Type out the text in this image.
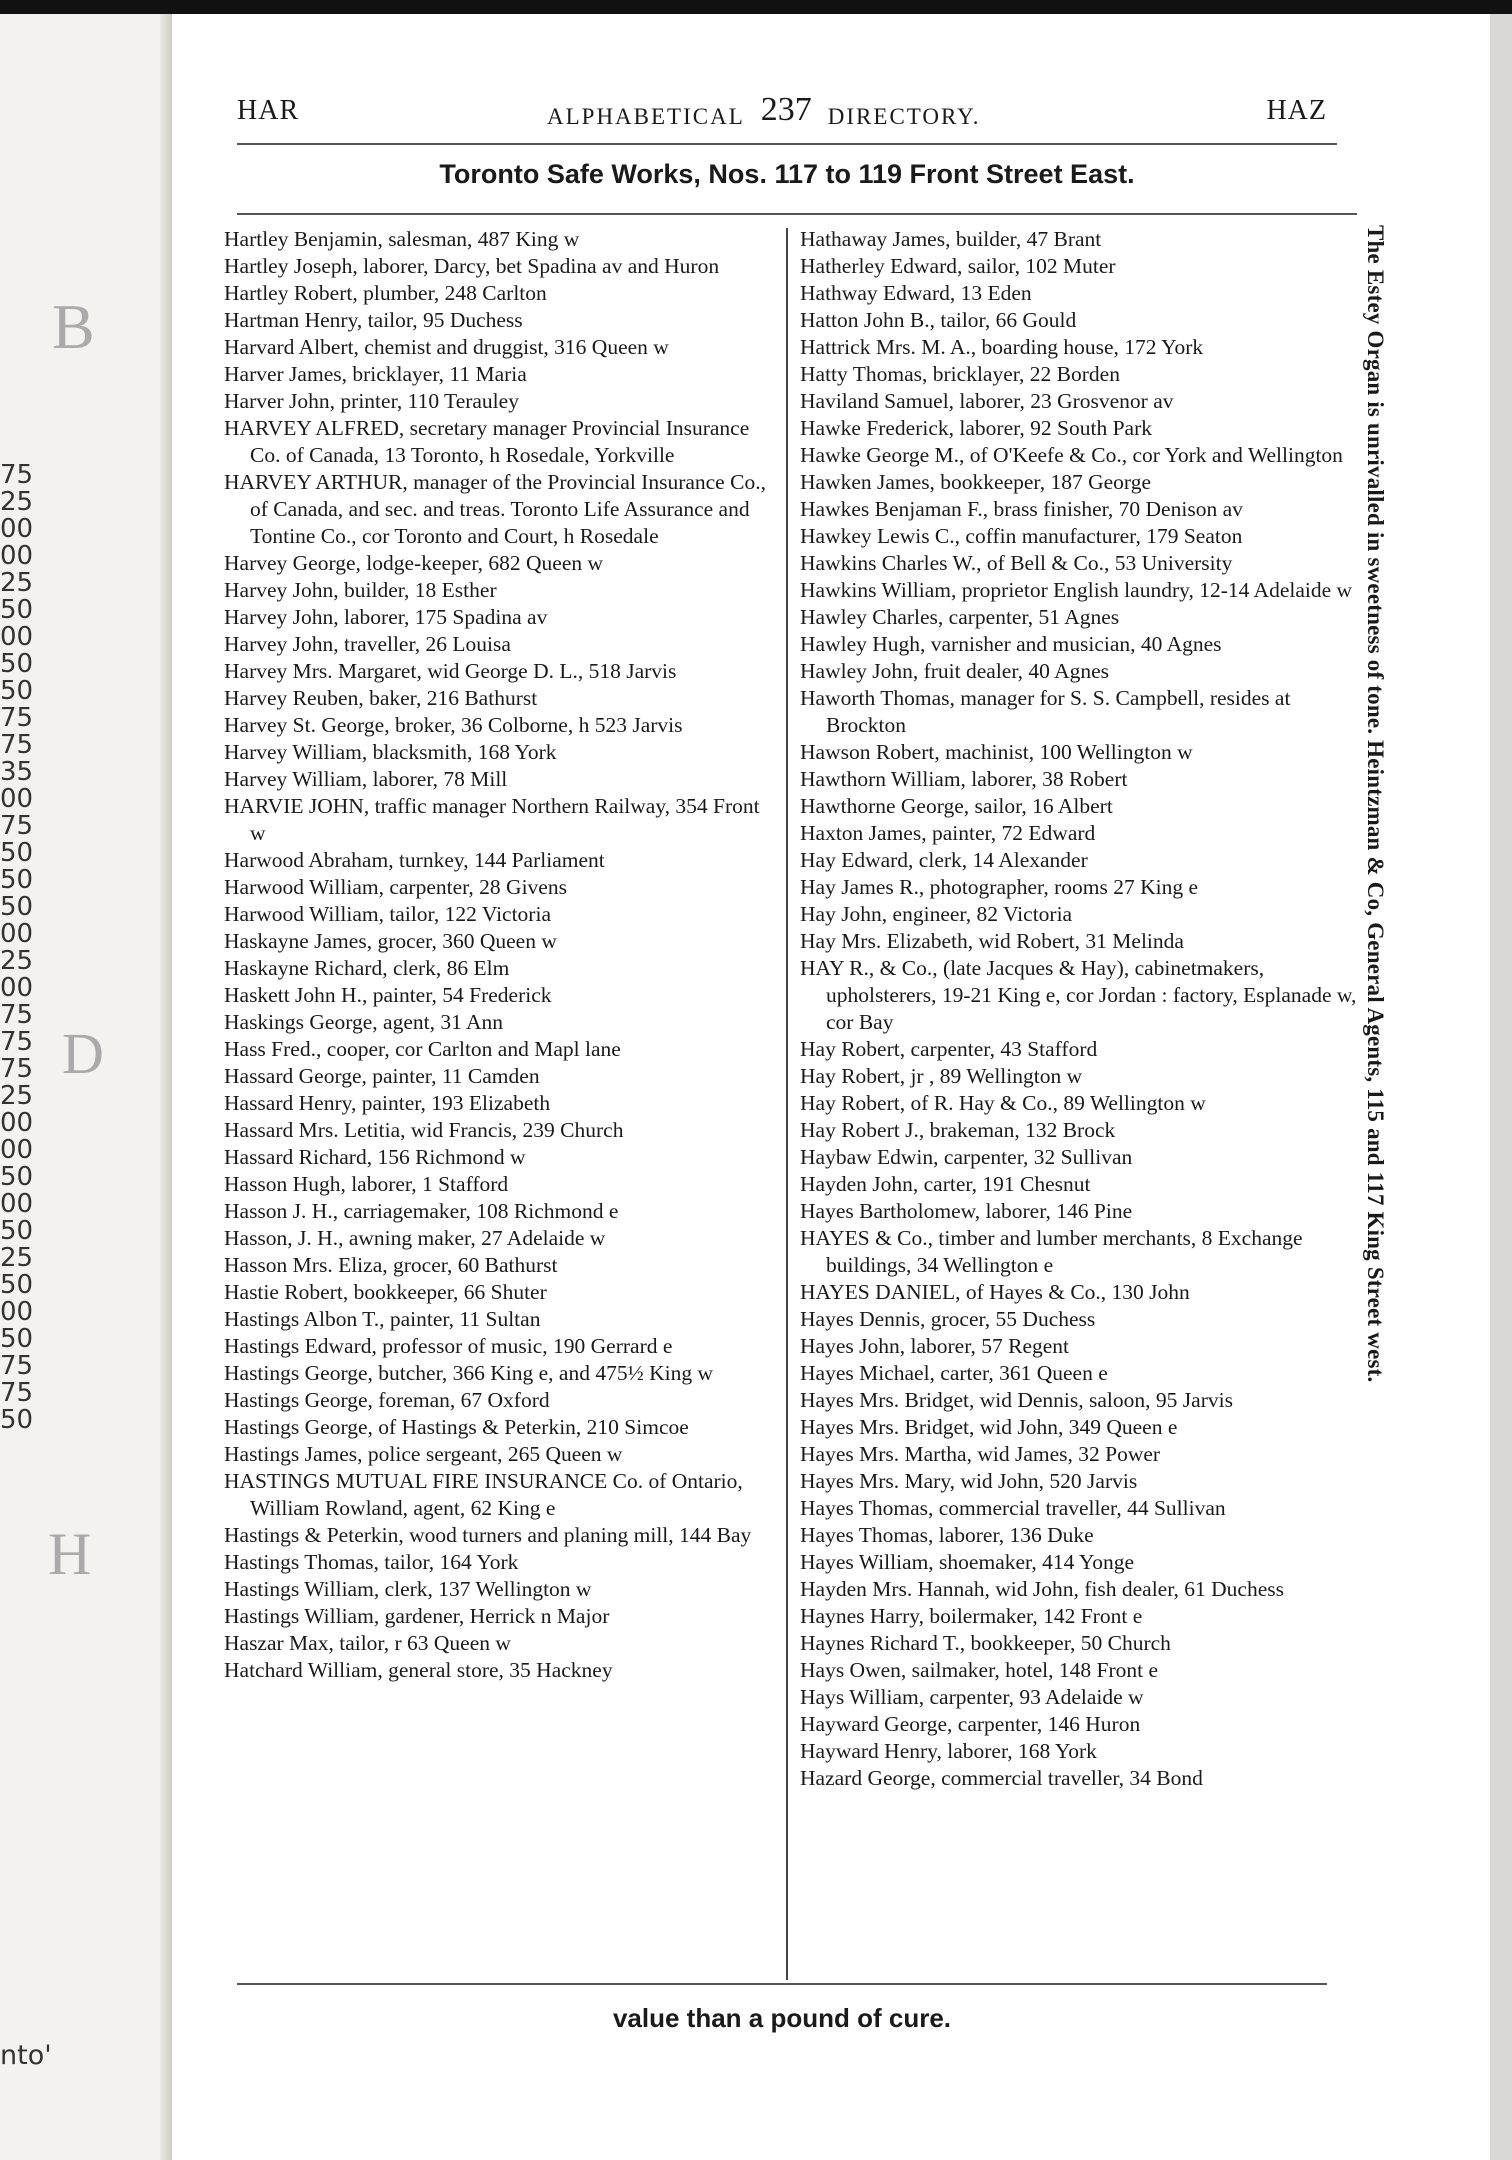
75
25
00
00
25
50
00
50
50
75
75
35
00
75
50
50
50
00
25
00
75
75
75
25
00
00
50
00
50
25
50
00
50
75
75
50
B
D
H
nto'
HAR	ALPHABETICAL 237 DIRECTORY.	HAZ
Toronto Safe Works, Nos. 117 to 119 Front Street East.

Hartley Benjamin, salesman, 487 King w

Hartley Joseph, laborer, Darcy, bet Spadina av and Huron

Hartley Robert, plumber, 248 Carlton

Hartman Henry, tailor, 95 Duchess

Harvard Albert, chemist and druggist, 316 Queen w

Harver James, bricklayer, 11 Maria

Harver John, printer, 110 Terauley

HARVEY ALFRED, secretary manager Provincial Insurance Co. of Canada, 13 Toronto, h Rosedale, Yorkville

HARVEY ARTHUR, manager of the Provincial Insurance Co., of Canada, and sec. and treas. Toronto Life Assurance and Tontine Co., cor Toronto and Court, h Rosedale

Harvey George, lodge-keeper, 682 Queen w

Harvey John, builder, 18 Esther

Harvey John, laborer, 175 Spadina av

Harvey John, traveller, 26 Louisa

Harvey Mrs. Margaret, wid George D. L., 518 Jarvis

Harvey Reuben, baker, 216 Bathurst

Harvey St. George, broker, 36 Colborne, h 523 Jarvis

Harvey William, blacksmith, 168 York

Harvey William, laborer, 78 Mill

HARVIE JOHN, traffic manager Northern Railway, 354 Front w

Harwood Abraham, turnkey, 144 Parliament

Harwood William, carpenter, 28 Givens

Harwood William, tailor, 122 Victoria

Haskayne James, grocer, 360 Queen w

Haskayne Richard, clerk, 86 Elm

Haskett John H., painter, 54 Frederick

Haskings George, agent, 31 Ann

Hass Fred., cooper, cor Carlton and Mapl lane

Hassard George, painter, 11 Camden

Hassard Henry, painter, 193 Elizabeth

Hassard Mrs. Letitia, wid Francis, 239 Church

Hassard Richard, 156 Richmond w

Hasson Hugh, laborer, 1 Stafford

Hasson J. H., carriagemaker, 108 Richmond e

Hasson, J. H., awning maker, 27 Adelaide w

Hasson Mrs. Eliza, grocer, 60 Bathurst

Hastie Robert, bookkeeper, 66 Shuter

Hastings Albon T., painter, 11 Sultan

Hastings Edward, professor of music, 190 Gerrard e

Hastings George, butcher, 366 King e, and 475½ King w

Hastings George, foreman, 67 Oxford

Hastings George, of Hastings & Peterkin, 210 Simcoe

Hastings James, police sergeant, 265 Queen w

HASTINGS MUTUAL FIRE INSURANCE Co. of Ontario, William Rowland, agent, 62 King e

Hastings & Peterkin, wood turners and planing mill, 144 Bay

Hastings Thomas, tailor, 164 York

Hastings William, clerk, 137 Wellington w

Hastings William, gardener, Herrick n Major

Haszar Max, tailor, r 63 Queen w

Hatchard William, general store, 35 Hackney

Hathaway James, builder, 47 Brant

Hatherley Edward, sailor, 102 Muter

Hathway Edward, 13 Eden

Hatton John B., tailor, 66 Gould

Hattrick Mrs. M. A., boarding house, 172 York

Hatty Thomas, bricklayer, 22 Borden

Haviland Samuel, laborer, 23 Grosvenor av

Hawke Frederick, laborer, 92 South Park

Hawke George M., of O'Keefe & Co., cor York and Wellington

Hawken James, bookkeeper, 187 George

Hawkes Benjaman F., brass finisher, 70 Denison av

Hawkey Lewis C., coffin manufacturer, 179 Seaton

Hawkins Charles W., of Bell & Co., 53 University

Hawkins William, proprietor English laundry, 12-14 Adelaide w

Hawley Charles, carpenter, 51 Agnes

Hawley Hugh, varnisher and musician, 40 Agnes

Hawley John, fruit dealer, 40 Agnes

Haworth Thomas, manager for S. S. Campbell, resides at Brockton

Hawson Robert, machinist, 100 Wellington w

Hawthorn William, laborer, 38 Robert

Hawthorne George, sailor, 16 Albert

Haxton James, painter, 72 Edward

Hay Edward, clerk, 14 Alexander

Hay James R., photographer, rooms 27 King e

Hay John, engineer, 82 Victoria

Hay Mrs. Elizabeth, wid Robert, 31 Melinda

HAY R., & Co., (late Jacques & Hay), cabinetmakers, upholsterers, 19-21 King e, cor Jordan : factory, Esplanade w, cor Bay

Hay Robert, carpenter, 43 Stafford

Hay Robert, jr , 89 Wellington w

Hay Robert, of R. Hay & Co., 89 Wellington w

Hay Robert J., brakeman, 132 Brock

Haybaw Edwin, carpenter, 32 Sullivan

Hayden John, carter, 191 Chesnut

Hayes Bartholomew, laborer, 146 Pine

HAYES & Co., timber and lumber merchants, 8 Exchange buildings, 34 Wellington e

HAYES DANIEL, of Hayes & Co., 130 John

Hayes Dennis, grocer, 55 Duchess

Hayes John, laborer, 57 Regent

Hayes Michael, carter, 361 Queen e

Hayes Mrs. Bridget, wid Dennis, saloon, 95 Jarvis

Hayes Mrs. Bridget, wid John, 349 Queen e

Hayes Mrs. Martha, wid James, 32 Power

Hayes Mrs. Mary, wid John, 520 Jarvis

Hayes Thomas, commercial traveller, 44 Sullivan

Hayes Thomas, laborer, 136 Duke

Hayes William, shoemaker, 414 Yonge

Hayden Mrs. Hannah, wid John, fish dealer, 61 Duchess

Haynes Harry, boilermaker, 142 Front e

Haynes Richard T., bookkeeper, 50 Church

Hays Owen, sailmaker, hotel, 148 Front e

Hays William, carpenter, 93 Adelaide w

Hayward George, carpenter, 146 Huron

Hayward Henry, laborer, 168 York

Hazard George, commercial traveller, 34 Bond

The Estey Organ is unrivalled in sweetness of tone. Heintzman & Co, General Agents, 115 and 117 King Street west.
value than a pound of cure.
